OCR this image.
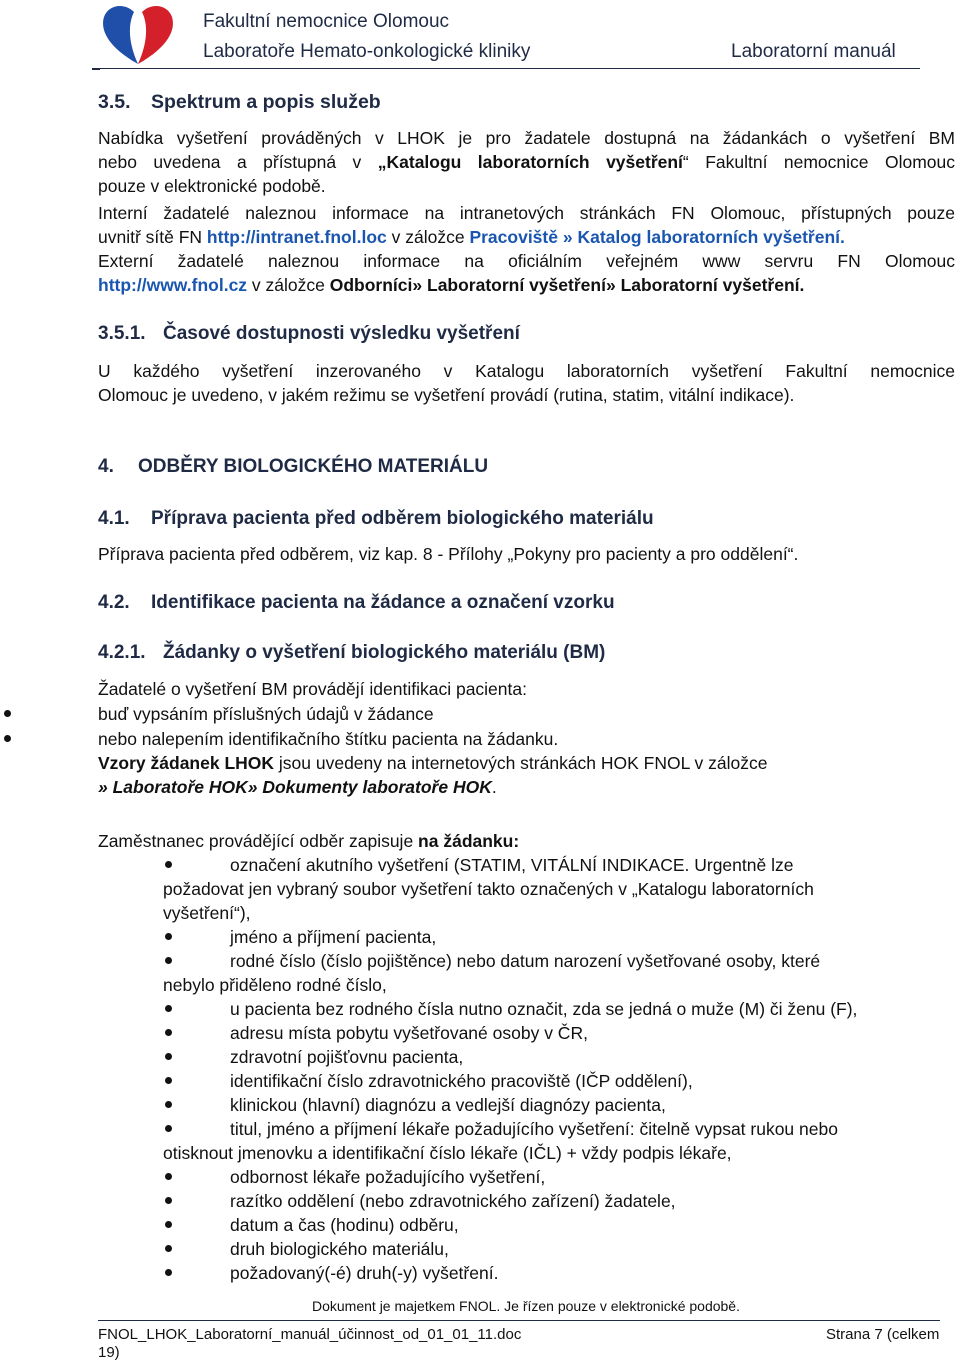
Fakultní nemocnice Olomouc
Laboratoře Hemato-onkologické kliniky	Laboratorní manuál
3.5. Spektrum a popis služeb
Nabídka vyšetření prováděných v LHOK je pro žadatele dostupná na žádankách o vyšetření BM
nebo uvedena a přístupná v „Katalogu laboratorních vyšetření“ Fakultní nemocnice Olomouc
pouze v elektronické podobě.
Interní žadatelé naleznou informace na intranetových stránkách FN Olomouc, přístupných pouze
uvnitř sítě FN http://intranet.fnol.loc v záložce Pracoviště » Katalog laboratorních vyšetření.
Externí žadatelé naleznou informace na oficiálním veřejném www servru FN Olomouc
http://www.fnol.cz v záložce Odborníci» Laboratorní vyšetření» Laboratorní vyšetření.
3.5.1. Časové dostupnosti výsledku vyšetření
U každého vyšetření inzerovaného v Katalogu laboratorních vyšetření Fakultní nemocnice
Olomouc je uvedeno, v jakém režimu se vyšetření provádí (rutina, statim, vitální indikace).
4. ODBĚRY BIOLOGICKÉHO MATERIÁLU
4.1. Příprava pacienta před odběrem biologického materiálu
Příprava pacienta před odběrem, viz kap. 8 - Přílohy „Pokyny pro pacienty a pro oddělení“.
4.2. Identifikace pacienta na žádance a označení vzorku
4.2.1. Žádanky o vyšetření biologického materiálu (BM)
Žadatelé o vyšetření BM provádějí identifikaci pacienta:
buď vypsáním příslušných údajů v žádance
nebo nalepením identifikačního štítku pacienta na žádanku.
Vzory žádanek LHOK jsou uvedeny na internetových stránkách HOK FNOL v záložce
» Laboratoře HOK» Dokumenty laboratoře HOK.
Zaměstnanec provádějící odběr zapisuje na žádanku:
označení akutního vyšetření (STATIM, VITÁLNÍ INDIKACE. Urgentně lze
požadovat jen vybraný soubor vyšetření takto označených v „Katalogu laboratorních
vyšetření“),
jméno a příjmení pacienta,
rodné číslo (číslo pojištěnce) nebo datum narození vyšetřované osoby, které
nebylo přiděleno rodné číslo,
u pacienta bez rodného čísla nutno označit, zda se jedná o muže (M) či ženu (F),
adresu místa pobytu vyšetřované osoby v ČR,
zdravotní pojišťovnu pacienta,
identifikační číslo zdravotnického pracoviště (IČP oddělení),
klinickou (hlavní) diagnózu a vedlejší diagnózy pacienta,
titul, jméno a příjmení lékaře požadujícího vyšetření: čitelně vypsat rukou nebo
otisknout jmenovku a identifikační číslo lékaře (IČL) + vždy podpis lékaře,
odbornost lékaře požadujícího vyšetření,
razítko oddělení (nebo zdravotnického zařízení) žadatele,
datum a čas (hodinu) odběru,
druh biologického materiálu,
požadovaný(-é) druh(-y) vyšetření.
Dokument je majetkem FNOL. Je řízen pouze v elektronické podobě.
FNOL_LHOK_Laboratorní_manuál_účinnost_od_01_01_11.doc	Strana 7 (celkem
19)
